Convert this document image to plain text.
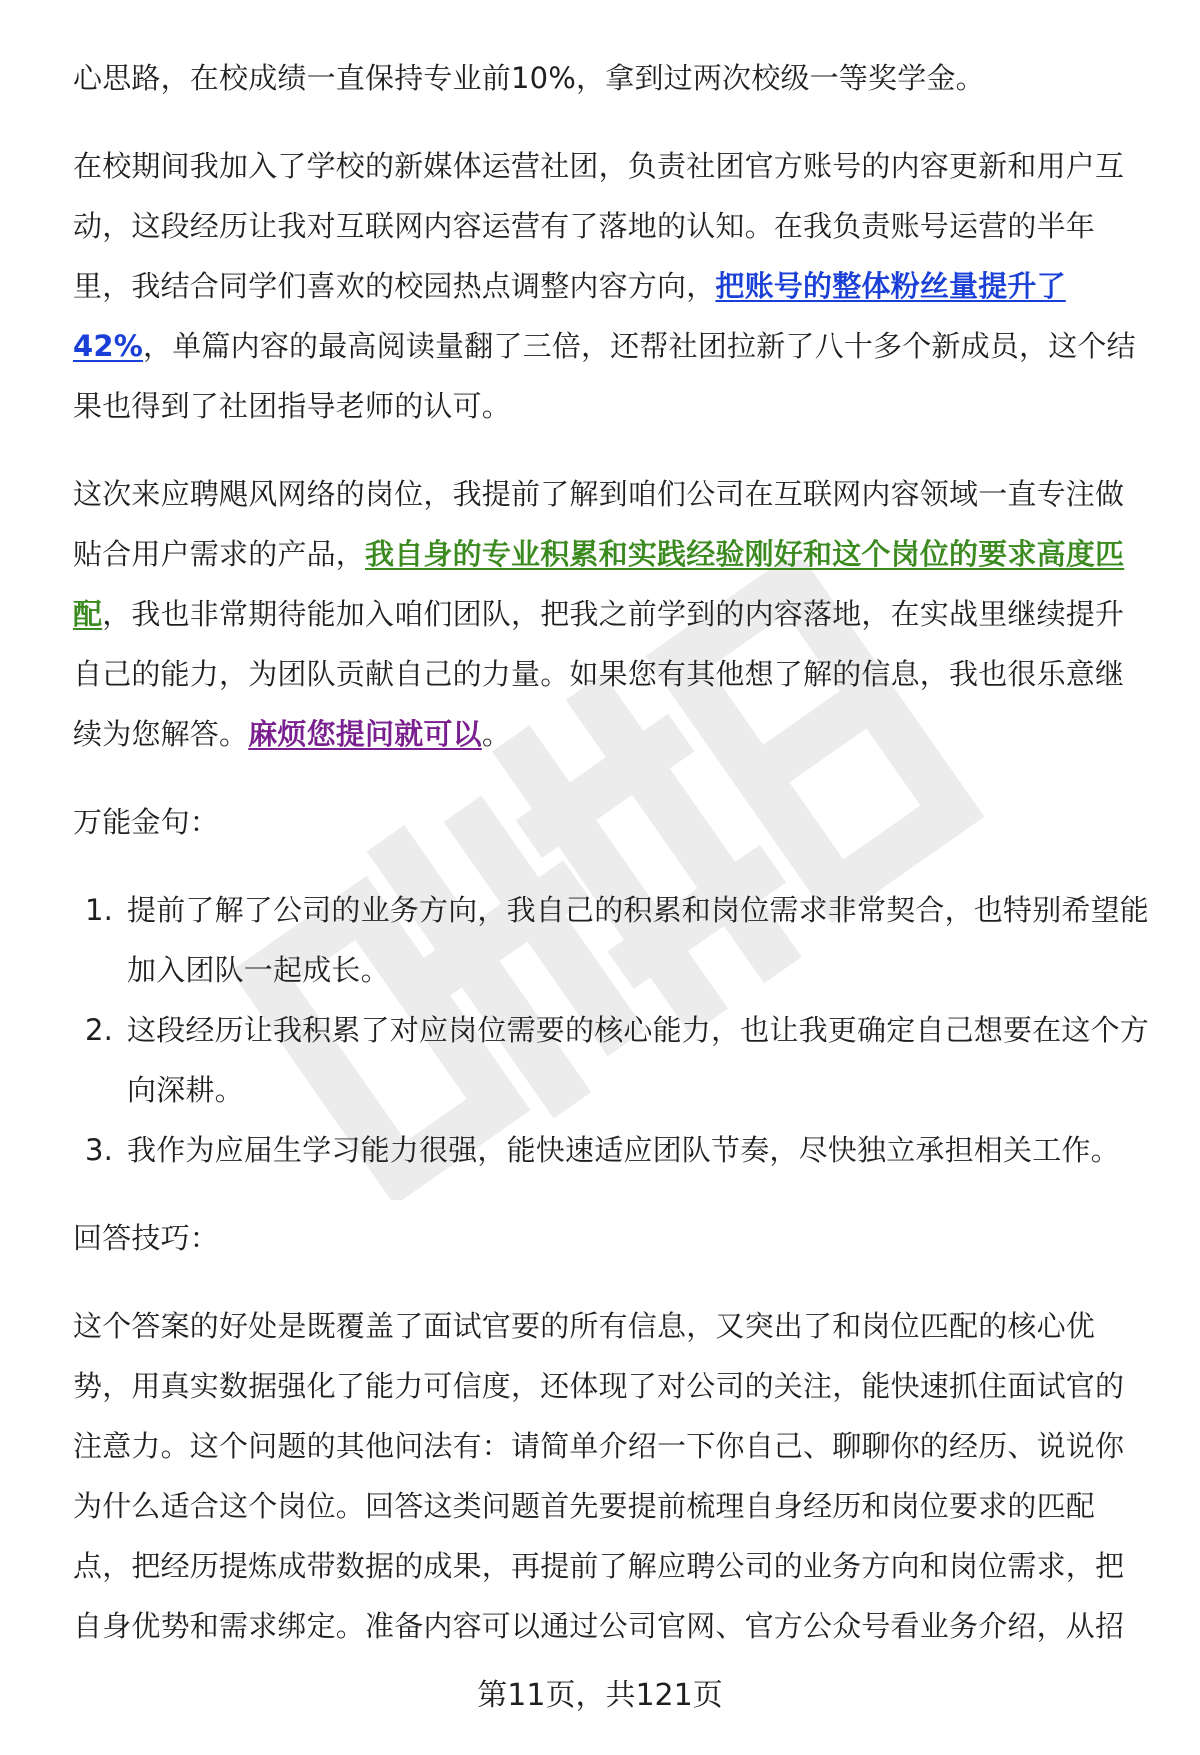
心思路，在校成绩一直保持专业前10%，拿到过两次校级一等奖学金。

在校期间我加入了学校的新媒体运营社团，负责社团官方账号的内容更新和用户互动，这段经历让我对互联网内容运营有了落地的认知。在我负责账号运营的半年里，我结合同学们喜欢的校园热点调整内容方向，把账号的整体粉丝量提升了42%，单篇内容的最高阅读量翻了三倍，还帮社团拉新了八十多个新成员，这个结果也得到了社团指导老师的认可。

这次来应聘飓风网络的岗位，我提前了解到咱们公司在互联网内容领域一直专注做贴合用户需求的产品，我自身的专业积累和实践经验刚好和这个岗位的要求高度匹配，我也非常期待能加入咱们团队，把我之前学到的内容落地，在实战里继续提升自己的能力，为团队贡献自己的力量。如果您有其他想了解的信息，我也很乐意继续为您解答。麻烦您提问就可以。

万能金句：

1. 提前了解了公司的业务方向，我自己的积累和岗位需求非常契合，也特别希望能加入团队一起成长。
2. 这段经历让我积累了对应岗位需要的核心能力，也让我更确定自己想要在这个方向深耕。
3. 我作为应届生学习能力很强，能快速适应团队节奏，尽快独立承担相关工作。

回答技巧：

这个答案的好处是既覆盖了面试官要的所有信息，又突出了和岗位匹配的核心优势，用真实数据强化了能力可信度，还体现了对公司的关注，能快速抓住面试官的注意力。这个问题的其他问法有：请简单介绍一下你自己、聊聊你的经历、说说你为什么适合这个岗位。回答这类问题首先要提前梳理自身经历和岗位要求的匹配点，把经历提炼成带数据的成果，再提前了解应聘公司的业务方向和岗位需求，把自身优势和需求绑定。准备内容可以通过公司官网、官方公众号看业务介绍，从招

第11页，共121页
